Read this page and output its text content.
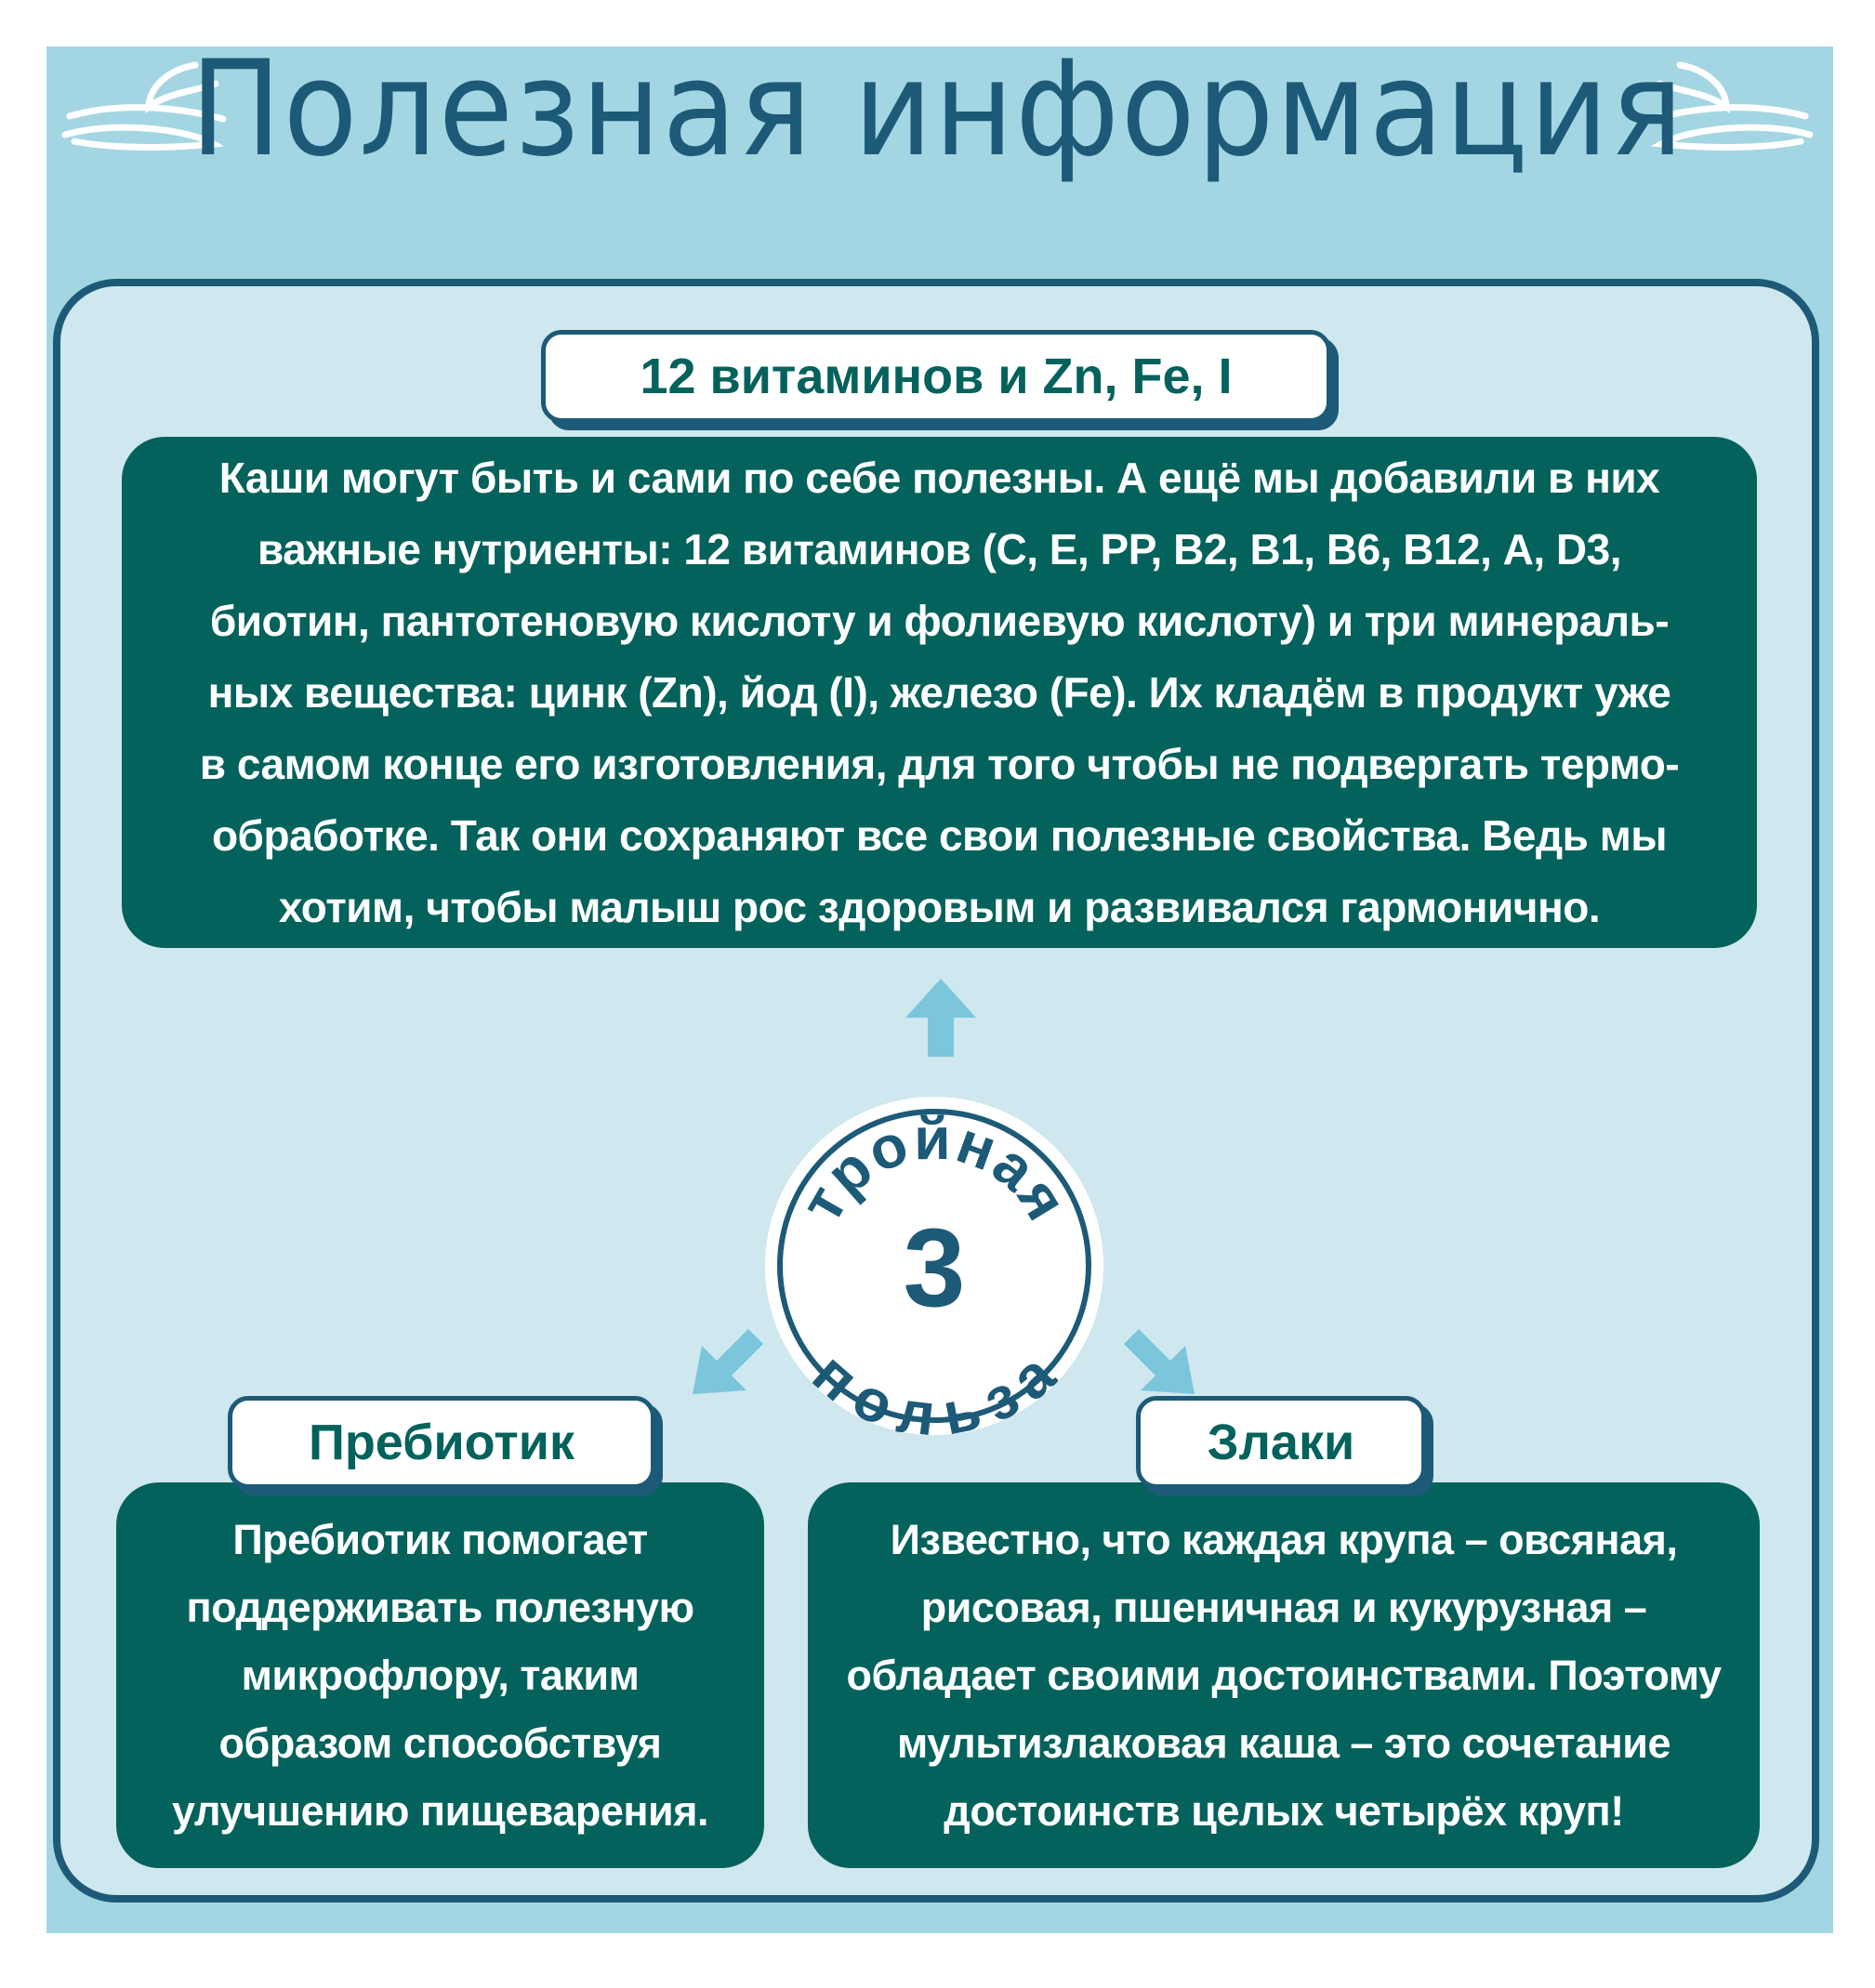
Полезная информация

Каши могут быть и сами по себе полезны. А ещё мы добавили в них
важные нутриенты: 12 витаминов (С, Е, РР, В2, В1, В6, В12, А, D3,
биотин, пантотеновую кислоту и фолиевую кислоту) и три минераль-
ных вещества: цинк (Zn), йод (I), железо (Fe). Их кладём в продукт уже
в самом конце его изготовления, для того чтобы не подвергать термо-
обработке. Так они сохраняют все свои полезные свойства. Ведь мы
хотим, чтобы малыш рос здоровым и развивался гармонично.

12 витаминов и Zn, Fe, I
тройная
3
польза

Пребиотик помогает
поддерживать полезную
микрофлору, таким
образом способствуя
улучшению пищеварения.

Пребиотик

Известно, что каждая крупа – овсяная,
рисовая, пшеничная и кукурузная –
обладает своими достоинствами. Поэтому
мультизлаковая каша – это сочетание
достоинств целых четырёх круп!

Злаки
